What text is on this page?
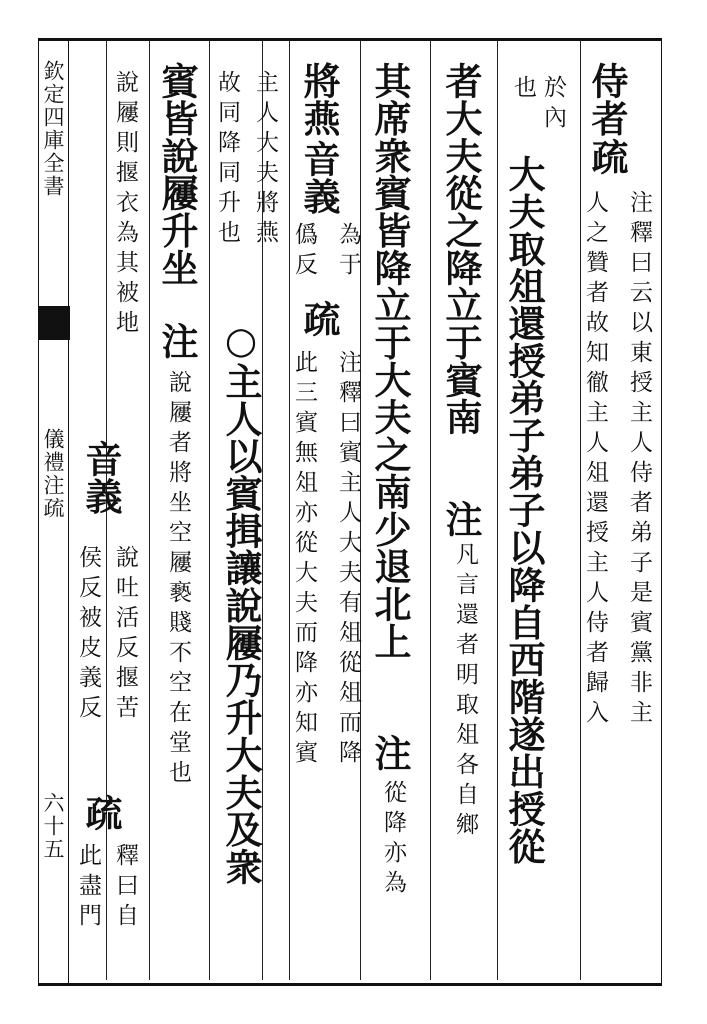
欽定四庫全書
儀禮注疏
六十五
侍者
疏
注釋曰云以東授主人侍者弟子是賓黨非主
人之贊者故知徹主人俎還授主人侍者歸入
於內
大夫取俎還授弟子弟子以降自西階遂出授從
也
者大夫從之降立于賓南
注
凡言還者明取俎各自鄉
其席衆賓皆降立于大夫之南少退北上
注
從降亦為
將燕
音義
為于
僞反
疏
注釋曰賓主人大夫有俎從俎而降
此三賓無俎亦從大夫而降亦知賓
主人大夫將燕
故同降同升也
○主人以賓揖讓說屨乃升大夫及衆
賓皆說屨升坐
注
說屨者將坐空屨褻賤不空在堂也
說屨則揠衣為其被地
音義
說吐活反揠苦
侯反被皮義反
疏
釋曰自
此盡門
